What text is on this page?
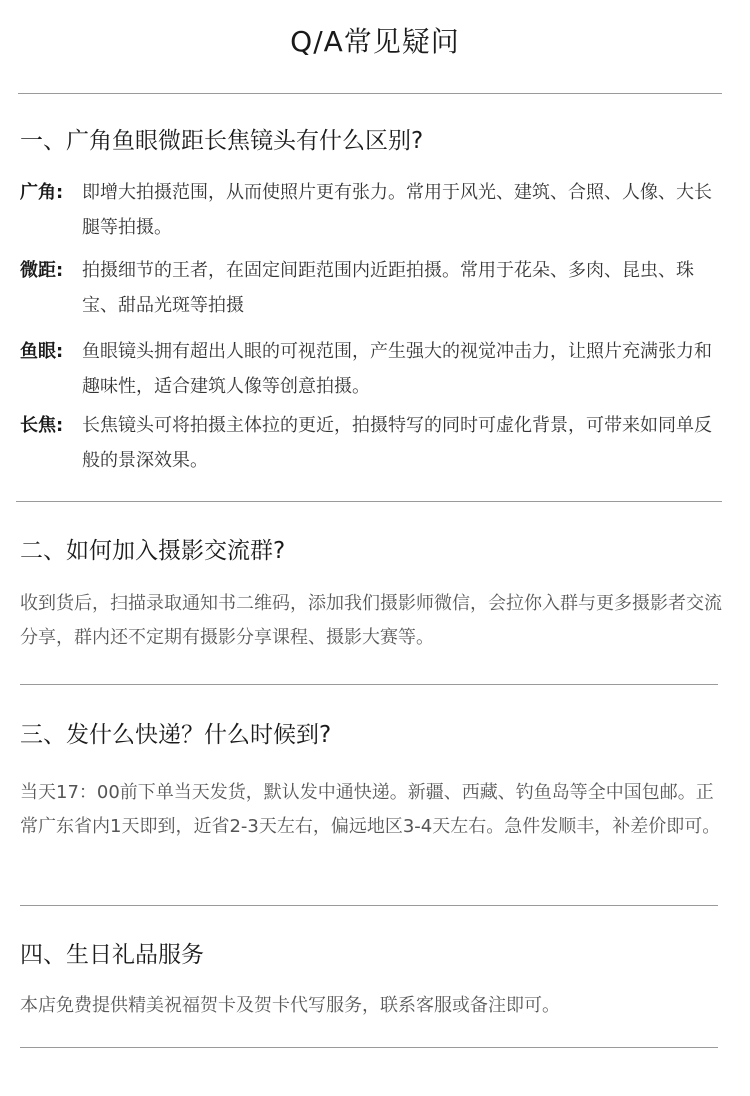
Q/A常见疑问
一、广角鱼眼微距长焦镜头有什么区别?
广角:	即增大拍摄范围，从而使照片更有张力。常用于风光、建筑、合照、人像、大长腿等拍摄。
微距:	拍摄细节的王者，在固定间距范围内近距拍摄。常用于花朵、多肉、昆虫、珠宝、甜品光斑等拍摄
鱼眼:	鱼眼镜头拥有超出人眼的可视范围，产生强大的视觉冲击力，让照片充满张力和趣味性，适合建筑人像等创意拍摄。
长焦:	长焦镜头可将拍摄主体拉的更近，拍摄特写的同时可虚化背景，可带来如同单反般的景深效果。
二、如何加入摄影交流群?
收到货后，扫描录取通知书二维码，添加我们摄影师微信，会拉你入群与更多摄影者交流分享，群内还不定期有摄影分享课程、摄影大赛等。
三、发什么快递？什么时候到?
当天17：00前下单当天发货，默认发中通快递。新疆、西藏、钓鱼岛等全中国包邮。正常广东省内1天即到，近省2-3天左右，偏远地区3-4天左右。急件发顺丰，补差价即可。
四、生日礼品服务
本店免费提供精美祝福贺卡及贺卡代写服务，联系客服或备注即可。
